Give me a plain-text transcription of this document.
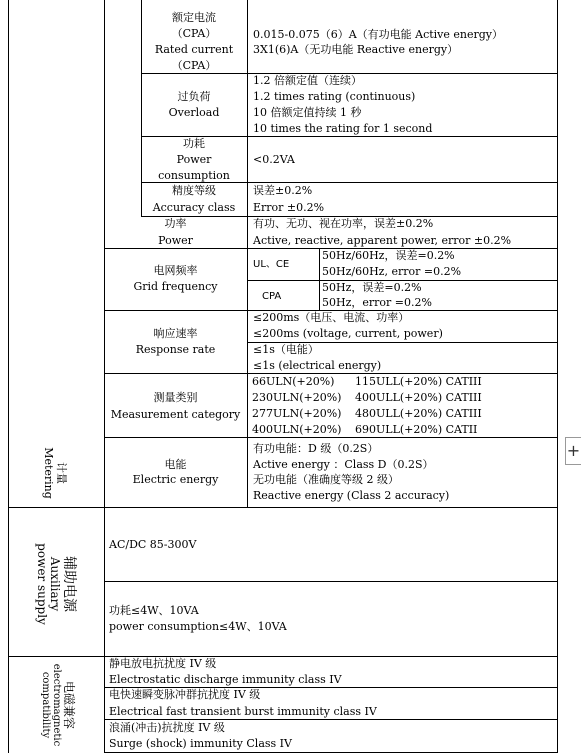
额定电流
（CPA）
Rated current
（CPA）
0.015-0.075（6）A（有功电能 Active energy）
3X1(6)A（无功电能 Reactive energy）
过负荷
Overload
1.2 倍额定值（连续）
1.2 times rating (continuous)
10 倍额定值持续 1 秒
10 times the rating for 1 second
功耗
Power
consumption
<0.2VA
精度等级
Accuracy class
误差±0.2%
Error ±0.2%
功率
Power
有功、无功、视在功率，误差±0.2%
Active, reactive, apparent power, error ±0.2%
电网频率
Grid frequency
UL、CE
50Hz/60Hz，误差=0.2%
50Hz/60Hz, error =0.2%
CPA
50Hz，误差=0.2%
50Hz，error =0.2%
响应速率
Response rate
≤200ms（电压、电流、功率）
≤200ms (voltage, current, power)
≤1s（电能）
≤1s (electrical energy)
测量类别
Measurement category
66ULN(+20%) 115ULL(+20%) CATIII
230ULN(+20%) 400ULL(+20%) CATIII
277ULN(+20%) 480ULL(+20%) CATIII
400ULN(+20%) 690ULL(+20%) CATII
计量
Metering	电能
Electric energy
有功电能：D 级（0.2S）
Active energy ：Class D（0.2S）
无功电能（准确度等级 2 级）
Reactive energy (Class 2 accuracy)
辅助电源
Auxiliary
power supply	AC/DC 85-300V
功耗≤4W、10VA
power consumption≤4W、10VA
电磁兼容
electromagnetic
compatibility
静电放电抗扰度 IV 级
Electrostatic discharge immunity class IV
电快速瞬变脉冲群抗扰度 IV 级
Electrical fast transient burst immunity class IV
浪涌(冲击)抗扰度 IV 级
Surge (shock) immunity Class IV
+
